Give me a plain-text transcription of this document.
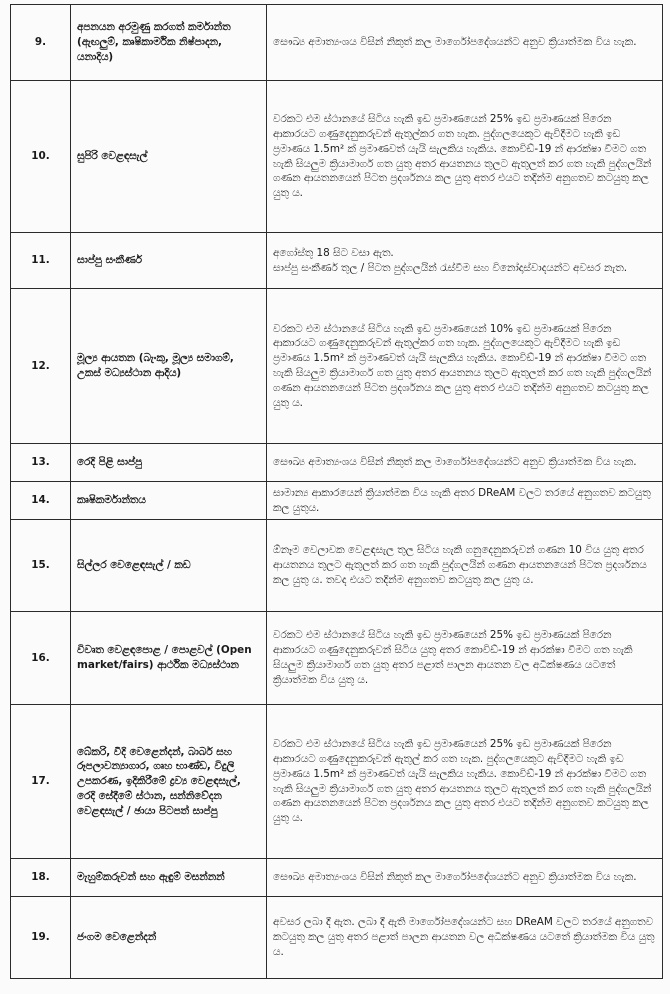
9.	අපනයන අරමුණු කරගත් කර්මාන්ත (ඇඟලුම්, කෘෂිකාර්මික නිෂ්පාදන, යනාදිය)	සෞඛ්‍ය අමාත්‍යංශය විසින් නිකුත් කල මාර්ගෝපදේශයන්ට අනුව ක්‍රියාත්මක විය හැක.

10.	සුපිරි වෙළඳසැල්	වරකට එම ස්ථානයේ සිටිය හැකි ඉඩ ප්‍රමාණයෙන් 25% ඉඩ ප්‍රමාණයක් පිරෙන ආකාරයට ගණුදෙනුකරුවන් ඇතුල්කර ගත හැක. පුද්ගලයෙකුට ඇවිදීමට හැකි ඉඩ ප්‍රමාණය 1.5m² ක් ප්‍රමාණවත් යැයි සැලකිය හැකිය. කොවිඩ්-19 න් ආරක්ෂා වීමට ගත හැකි සියලුම ක්‍රියාමාර්ග ගත යුතු අතර ආයතනය තුලට ඇතුලත් කර ගත හැකි පුද්ගලයින් ගණන ආයතනයෙන් පිටත ප්‍රදර්ශනය කල යුතු අතර එයට තදින්ම අනුගතව කටයුතු කල යුතු ය.

11.	සාප්පු සංකීර්ණ	අගෝස්තු 18 සිට වසා ඇත.
සාප්පු සංකීර්ණ තුල / පිටත පුද්ගලයින් රැස්වීම සහ විනෝදාස්වාදයන්ට අවසර නැත.

12.	මූල්‍ය ආයතන (බැංකු, මූල්‍ය සමාගම්, උකස් මධ්‍යස්ථාන ආදිය)	වරකට එම ස්ථානයේ සිටිය හැකි ඉඩ ප්‍රමාණයෙන් 10% ඉඩ ප්‍රමාණයක් පිරෙන ආකාරයට ගණුදෙනුකරුවන් ඇතුල්කර ගත හැක. පුද්ගලයෙකුට ඇවිදීමට හැකි ඉඩ ප්‍රමාණය 1.5m² ක් ප්‍රමාණවත් යැයි සැලකිය හැකිය. කොවිඩ්-19 න් ආරක්ෂා වීමට ගත හැකි සියලුම ක්‍රියාමාර්ග ගත යුතු අතර ආයතනය තුලට ඇතුලත් කර ගත හැකි පුද්ගලයින් ගණන ආයතනයෙන් පිටත ප්‍රදර්ශනය කල යුතු අතර එයට තදින්ම අනුගතව කටයුතු කල යුතු ය.

13.	රෙදි පිළි සාප්පු	සෞඛ්‍ය අමාත්‍යංශය විසින් නිකුත් කල මාර්ගෝපදේශයන්ට අනුව ක්‍රියාත්මක විය හැක.

14.	කෘෂිකර්මාන්තය	සාමාන්‍ය ආකාරයෙන් ක්‍රියාත්මක විය හැකි අතර DReAM වලට තරයේ අනුගතව කටයුතු කල යුතුය.

15.	සිල්ලර වෙළෙඳසැල් / කඩ	ඕනෑම වෙලාවක වෙළඳසැල තුල සිටිය හැකි ගනුදෙනුකරුවන් ගණන 10 විය යුතු අතර ආයතනය තුලට ඇතුලත් කර ගත හැකි පුද්ගලයින් ගණන ආයතනයෙන් පිටත ප්‍රදර්ශනය කල යුතු ය. තවද එයට තදින්ම අනුගතව කටයුතු කල යුතු ය.

16.	විවෘත වෙළඳපොළ / පොළවල් (Open market/fairs) ආර්ථික මධ්‍යස්ථාන	වරකට එම ස්ථානයේ සිටිය හැකි ඉඩ ප්‍රමාණයෙන් 25% ඉඩ ප්‍රමාණයක් පිරෙන ආකාරයට ගණුදෙනුකරුවන් සිටිය යුතු අතර කොවිඩ්-19 න් ආරක්ෂා වීමට ගත හැකි සියලුම ක්‍රියාමාර්ග ගත යුතු අතර පළාත් පාලන ආයතන වල අධීක්ෂණය යටතේ ක්‍රියාත්මක විය යුතු ය.

17.	බේකරි, වීදි වෙළෙන්දන්, බාබර් සහ රූපලාවන්‍යාගාර, ගෘහ භාණ්ඩ, විදුලි උපකරණ, ඉදිකිරීමේ ද්‍රව්‍ය වෙළඳසැල්, රෙදි සේදීමේ ස්ථාන, සන්නිවේදන වෙළඳසැල් / ඡායා පිටපත් සාප්පු	වරකට එම ස්ථානයේ සිටිය හැකි ඉඩ ප්‍රමාණයෙන් 25% ඉඩ ප්‍රමාණයක් පිරෙන ආකාරයට ගණුදෙනුකරුවන් ඇතුල් කර ගත හැක. පුද්ගලයෙකුට ඇවිදීමට හැකි ඉඩ ප්‍රමාණය 1.5m² ක් ප්‍රමාණවත් යැයි සැලකිය හැකිය. කොවිඩ්-19 න් ආරක්ෂා වීමට ගත හැකි සියලුම ක්‍රියාමාර්ග ගත යුතු අතර ආයතනය තුලට ඇතුලත් කර ගත හැකි පුද්ගලයින් ගණන ආයතනයෙන් පිටත ප්‍රදර්ශනය කල යුතු අතර එයට තදින්ම අනුගතව කටයුතු කල යුතු ය.

18.	මැහුම්කරුවන් සහ ඇඳුම් මසන්නන්	සෞඛ්‍ය අමාත්‍යංශය විසින් නිකුත් කල මාර්ගෝපදේශයන්ට අනුව ක්‍රියාත්මක විය හැක.

19.	ජංගම වෙළෙන්දන්	අවසර ලබා දී ඇත. ලබා දී ඇති මාර්ගෝපදේශයන්ට සහ DReAM වලට තරයේ අනුගතව කටයුතු කල යුතු අතර පළාත් පාලන ආයතන වල අධීක්ෂණය යටතේ ක්‍රියාත්මක විය යුතු ය.
